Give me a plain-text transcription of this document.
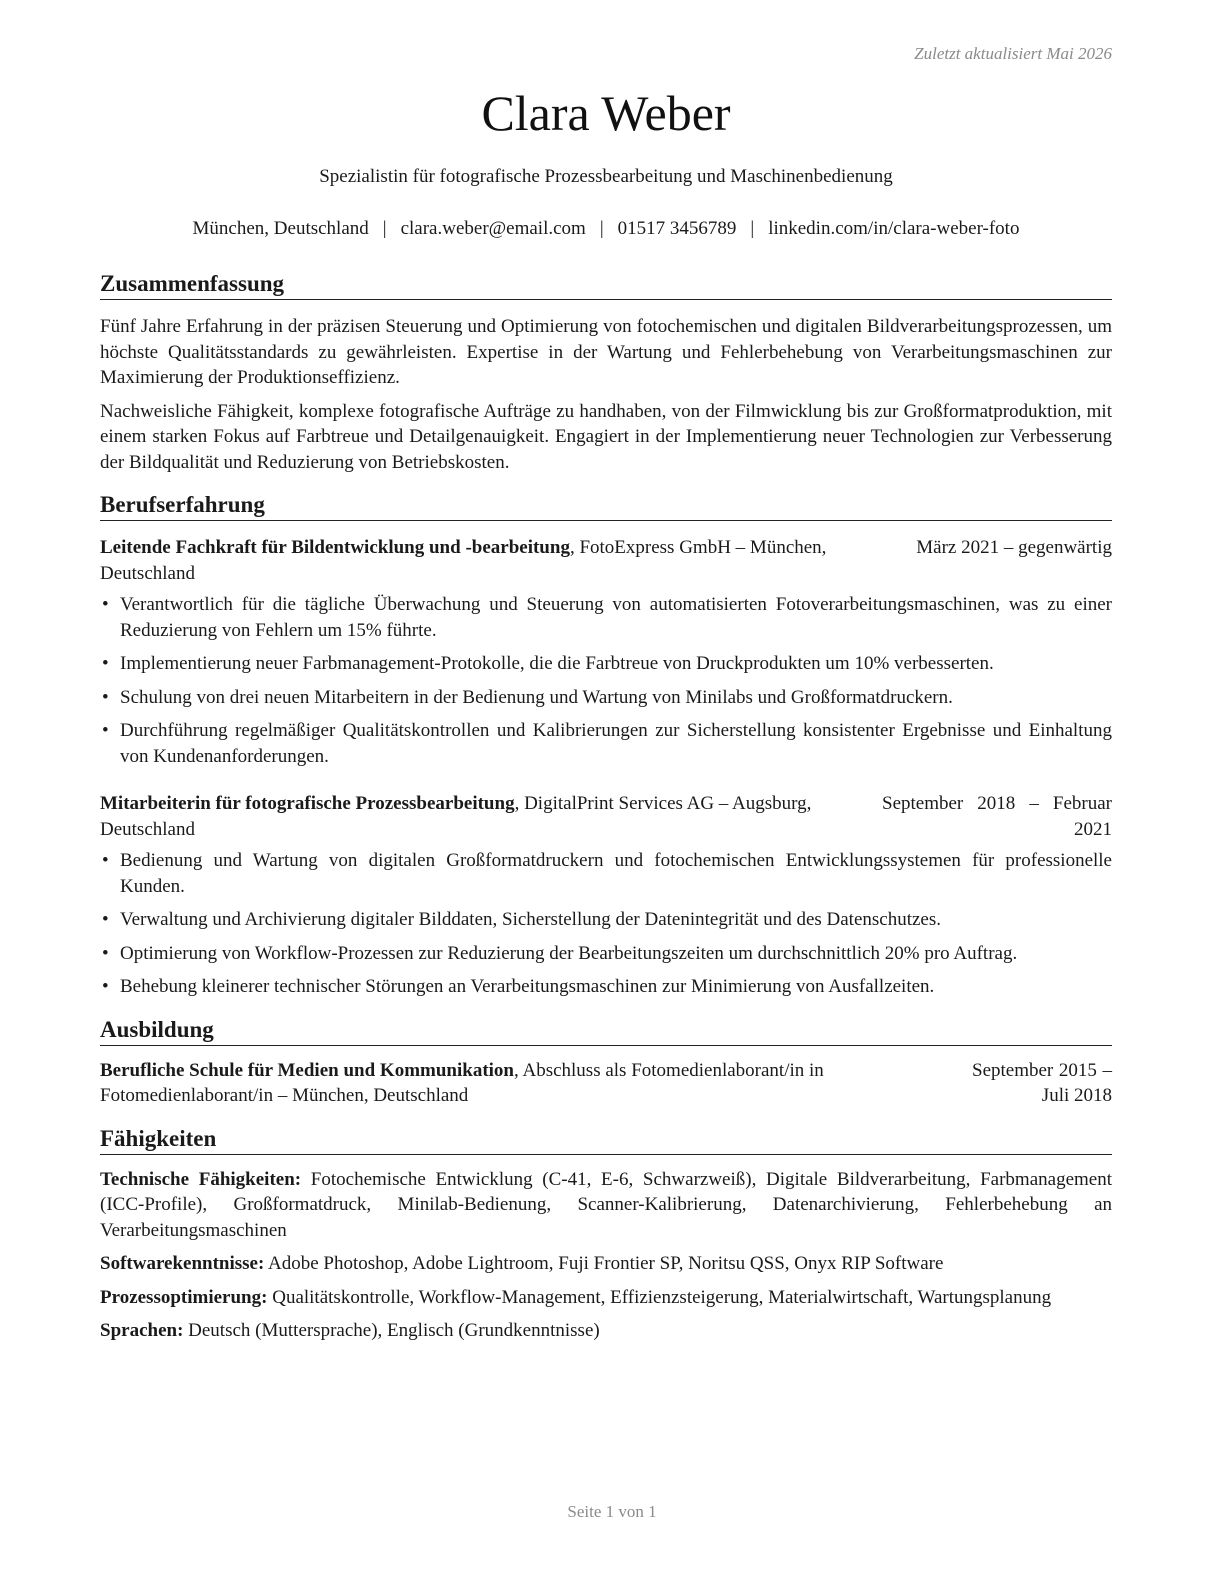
Zuletzt aktualisiert Mai 2026
Clara Weber
Spezialistin für fotografische Prozessbearbeitung und Maschinenbedienung
München, Deutschland | clara.weber@email.com | 01517 3456789 | linkedin.com/in/clara-weber-foto
Zusammenfassung

Fünf Jahre Erfahrung in der präzisen Steuerung und Optimierung von fotochemischen und digitalen Bildverarbeitungsprozessen, um höchste Qualitätsstandards zu gewährleisten. Expertise in der Wartung und Fehlerbehebung von Verarbeitungsmaschinen zur Maximierung der Produktionseffizienz.

Nachweisliche Fähigkeit, komplexe fotografische Aufträge zu handhaben, von der Filmwicklung bis zur Großformatproduktion, mit einem starken Fokus auf Farbtreue und Detailgenauigkeit. Engagiert in der Implementierung neuer Technologien zur Verbesserung der Bildqualität und Reduzierung von Betriebskosten.

Berufserfahrung
Leitende Fachkraft für Bildentwicklung und -bearbeitung, FotoExpress GmbH – München, Deutschland
März 2021 – gegenwärtig
• Verantwortlich für die tägliche Überwachung und Steuerung von automatisierten Fotoverarbeitungsmaschinen, was zu einer Reduzierung von Fehlern um 15% führte.
• Implementierung neuer Farbmanagement-Protokolle, die die Farbtreue von Druckprodukten um 10% verbesserten.
• Schulung von drei neuen Mitarbeitern in der Bedienung und Wartung von Minilabs und Großformatdruckern.
• Durchführung regelmäßiger Qualitätskontrollen und Kalibrierungen zur Sicherstellung konsistenter Ergebnisse und Einhaltung von Kundenanforderungen.
Mitarbeiterin für fotografische Prozessbearbeitung, DigitalPrint Services AG – Augsburg, Deutschland
September 2018 – Februar 2021
• Bedienung und Wartung von digitalen Großformatdruckern und fotochemischen Entwicklungssystemen für professionelle Kunden.
• Verwaltung und Archivierung digitaler Bilddaten, Sicherstellung der Datenintegrität und des Datenschutzes.
• Optimierung von Workflow-Prozessen zur Reduzierung der Bearbeitungszeiten um durchschnittlich 20% pro Auftrag.
• Behebung kleinerer technischer Störungen an Verarbeitungsmaschinen zur Minimierung von Ausfallzeiten.
Ausbildung
Berufliche Schule für Medien und Kommunikation, Abschluss als Fotomedienlaborant/in in Fotomedienlaborant/in – München, Deutschland
September 2015 – Juli 2018
Fähigkeiten
Technische Fähigkeiten: Fotochemische Entwicklung (C-41, E-6, Schwarzweiß), Digitale Bildverarbeitung, Farbmanagement (ICC-Profile), Großformatdruck, Minilab-Bedienung, Scanner-Kalibrierung, Datenarchivierung, Fehlerbehebung an Verarbeitungsmaschinen
Softwarekenntnisse: Adobe Photoshop, Adobe Lightroom, Fuji Frontier SP, Noritsu QSS, Onyx RIP Software
Prozessoptimierung: Qualitätskontrolle, Workflow-Management, Effizienzsteigerung, Materialwirtschaft, Wartungsplanung
Sprachen: Deutsch (Muttersprache), Englisch (Grundkenntnisse)
Seite 1 von 1
